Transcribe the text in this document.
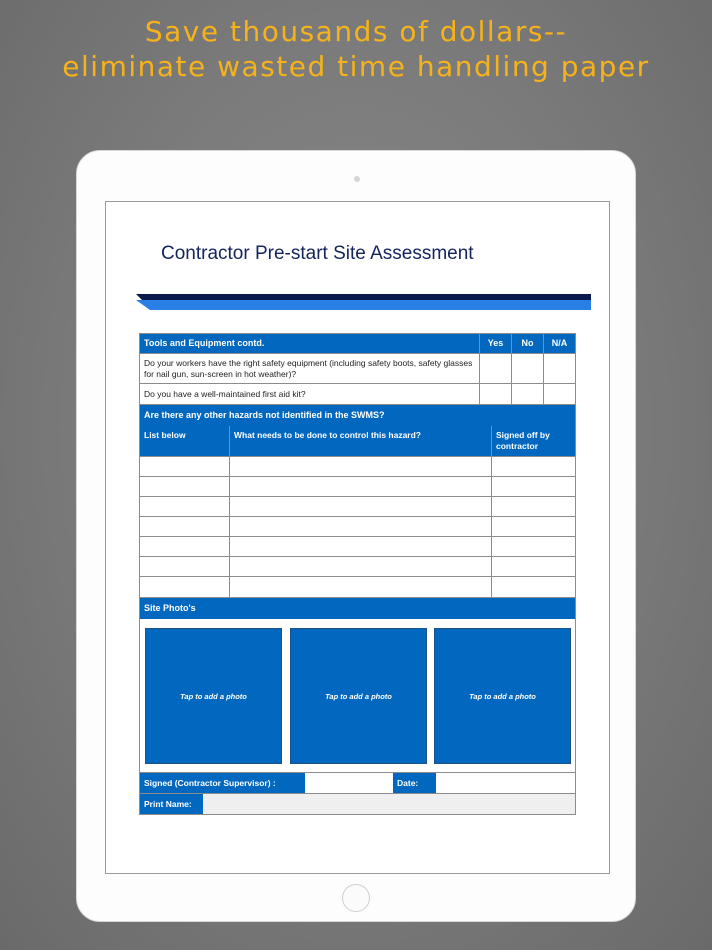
Save thousands of dollars--
eliminate wasted time handling paper
Contractor Pre-start Site Assessment
Tools and Equipment contd.	Yes	No	N/A
Do your workers have the right safety equipment (including safety boots, safety glasses for nail gun, sun-screen in hot weather)?
Do you have a well-maintained first aid kit?
Are there any other hazards not identified in the SWMS?
List below	What needs to be done to control this hazard?	Signed off by contractor
Site Photo's
Tap to add a photo	Tap to add a photo	Tap to add a photo
Signed (Contractor Supervisor) :	Date:
Print Name:
